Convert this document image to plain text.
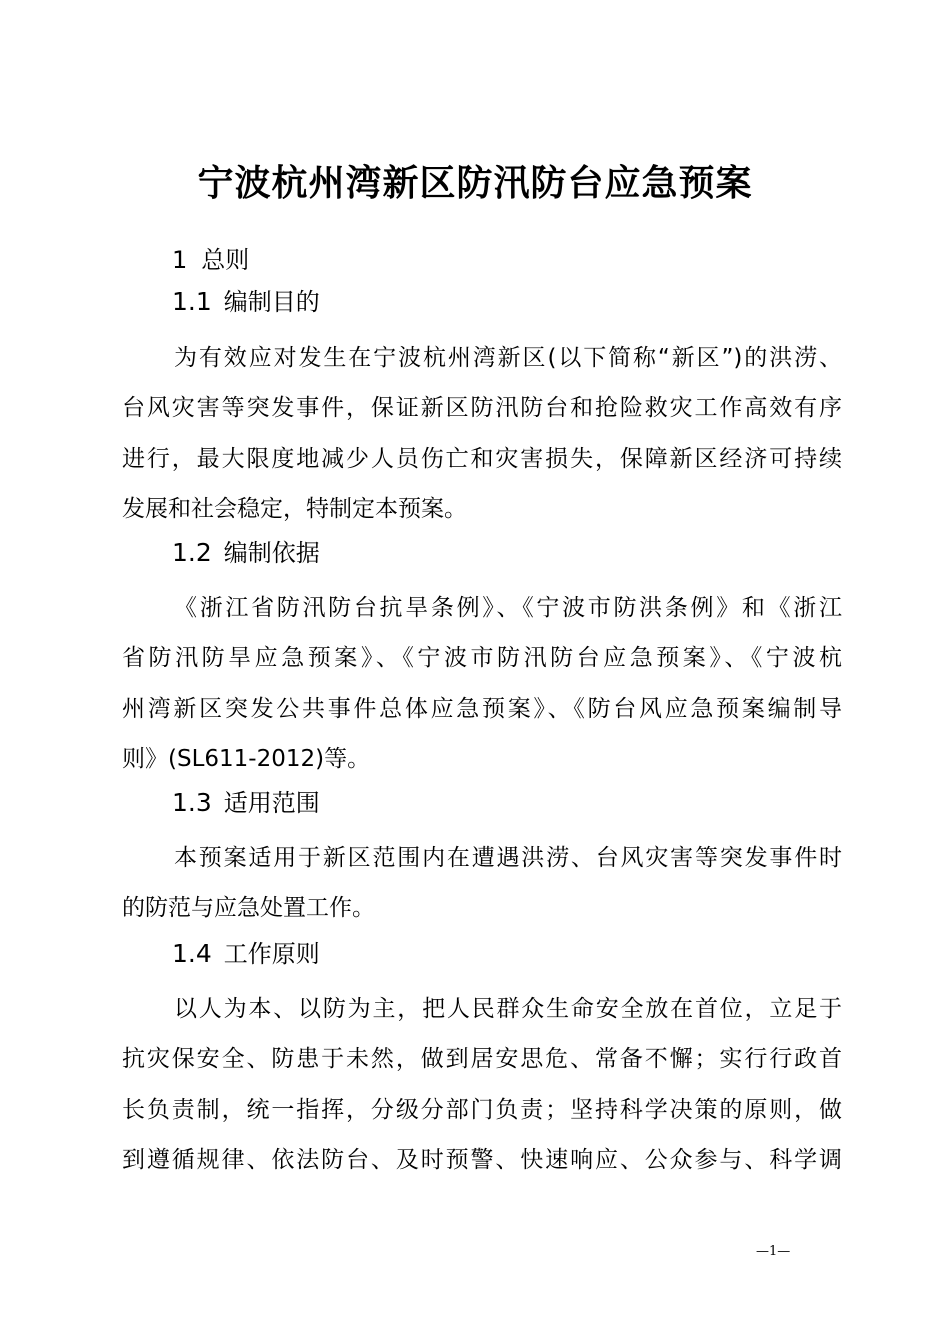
宁波杭州湾新区防汛防台应急预案
1 总则
1.1 编制目的
为有效应对发生在宁波杭州湾新区(以下简称“新区”)的洪涝、
台风灾害等突发事件，保证新区防汛防台和抢险救灾工作高效有序
进行，最大限度地减少人员伤亡和灾害损失，保障新区经济可持续
发展和社会稳定，特制定本预案。
1.2 编制依据
《浙江省防汛防台抗旱条例》、《宁波市防洪条例》和《浙江
省防汛防旱应急预案》、《宁波市防汛防台应急预案》、《宁波杭
州湾新区突发公共事件总体应急预案》、《防台风应急预案编制导
则》(SL611-2012)等。
1.3 适用范围
本预案适用于新区范围内在遭遇洪涝、台风灾害等突发事件时
的防范与应急处置工作。
1.4 工作原则
以人为本、以防为主，把人民群众生命安全放在首位，立足于
抗灾保安全、防患于未然，做到居安思危、常备不懈；实行行政首
长负责制，统一指挥，分级分部门负责；坚持科学决策的原则，做
到遵循规律、依法防台、及时预警、快速响应、公众参与、科学调
—1—
